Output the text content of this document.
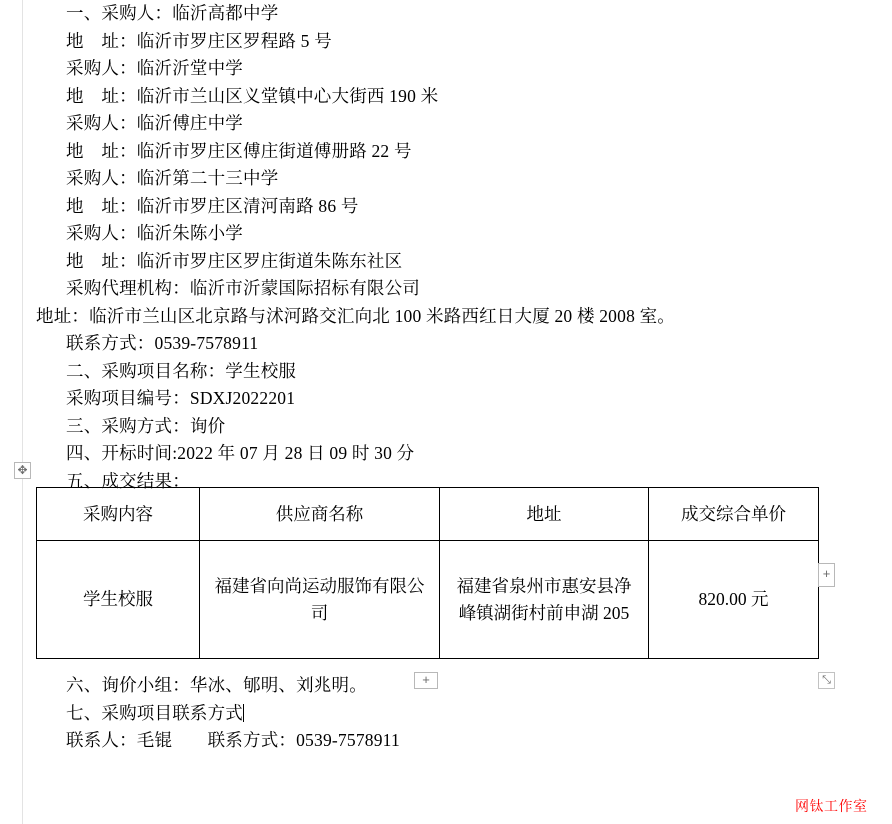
一、采购人：临沂高都中学
地　址：临沂市罗庄区罗程路 5 号
采购人：临沂沂堂中学
地　址：临沂市兰山区义堂镇中心大街西 190 米
采购人：临沂傅庄中学
地　址：临沂市罗庄区傅庄街道傅册路 22 号
采购人：临沂第二十三中学
地　址：临沂市罗庄区清河南路 86 号
采购人：临沂朱陈小学
地　址：临沂市罗庄区罗庄街道朱陈东社区
采购代理机构：临沂市沂蒙国际招标有限公司
地址：临沂市兰山区北京路与沭河路交汇向北 100 米路西红日大厦 20 楼 2008 室。
联系方式：0539-7578911
二、采购项目名称：学生校服
采购项目编号：SDXJ2022201
三、采购方式：询价
四、开标时间:2022 年 07 月 28 日 09 时 30 分
五、成交结果：
采购内容	供应商名称	地址	成交综合单价
学生校服	福建省向尚运动服饰有限公司	福建省泉州市惠安县净峰镇湖街村前申湖 205	820.00 元
六、询价小组：华冰、郇明、刘兆明。
七、采购项目联系方式
联系人：毛锟　　联系方式：0539-7578911
✥
+
+	⤡
网钛工作室
